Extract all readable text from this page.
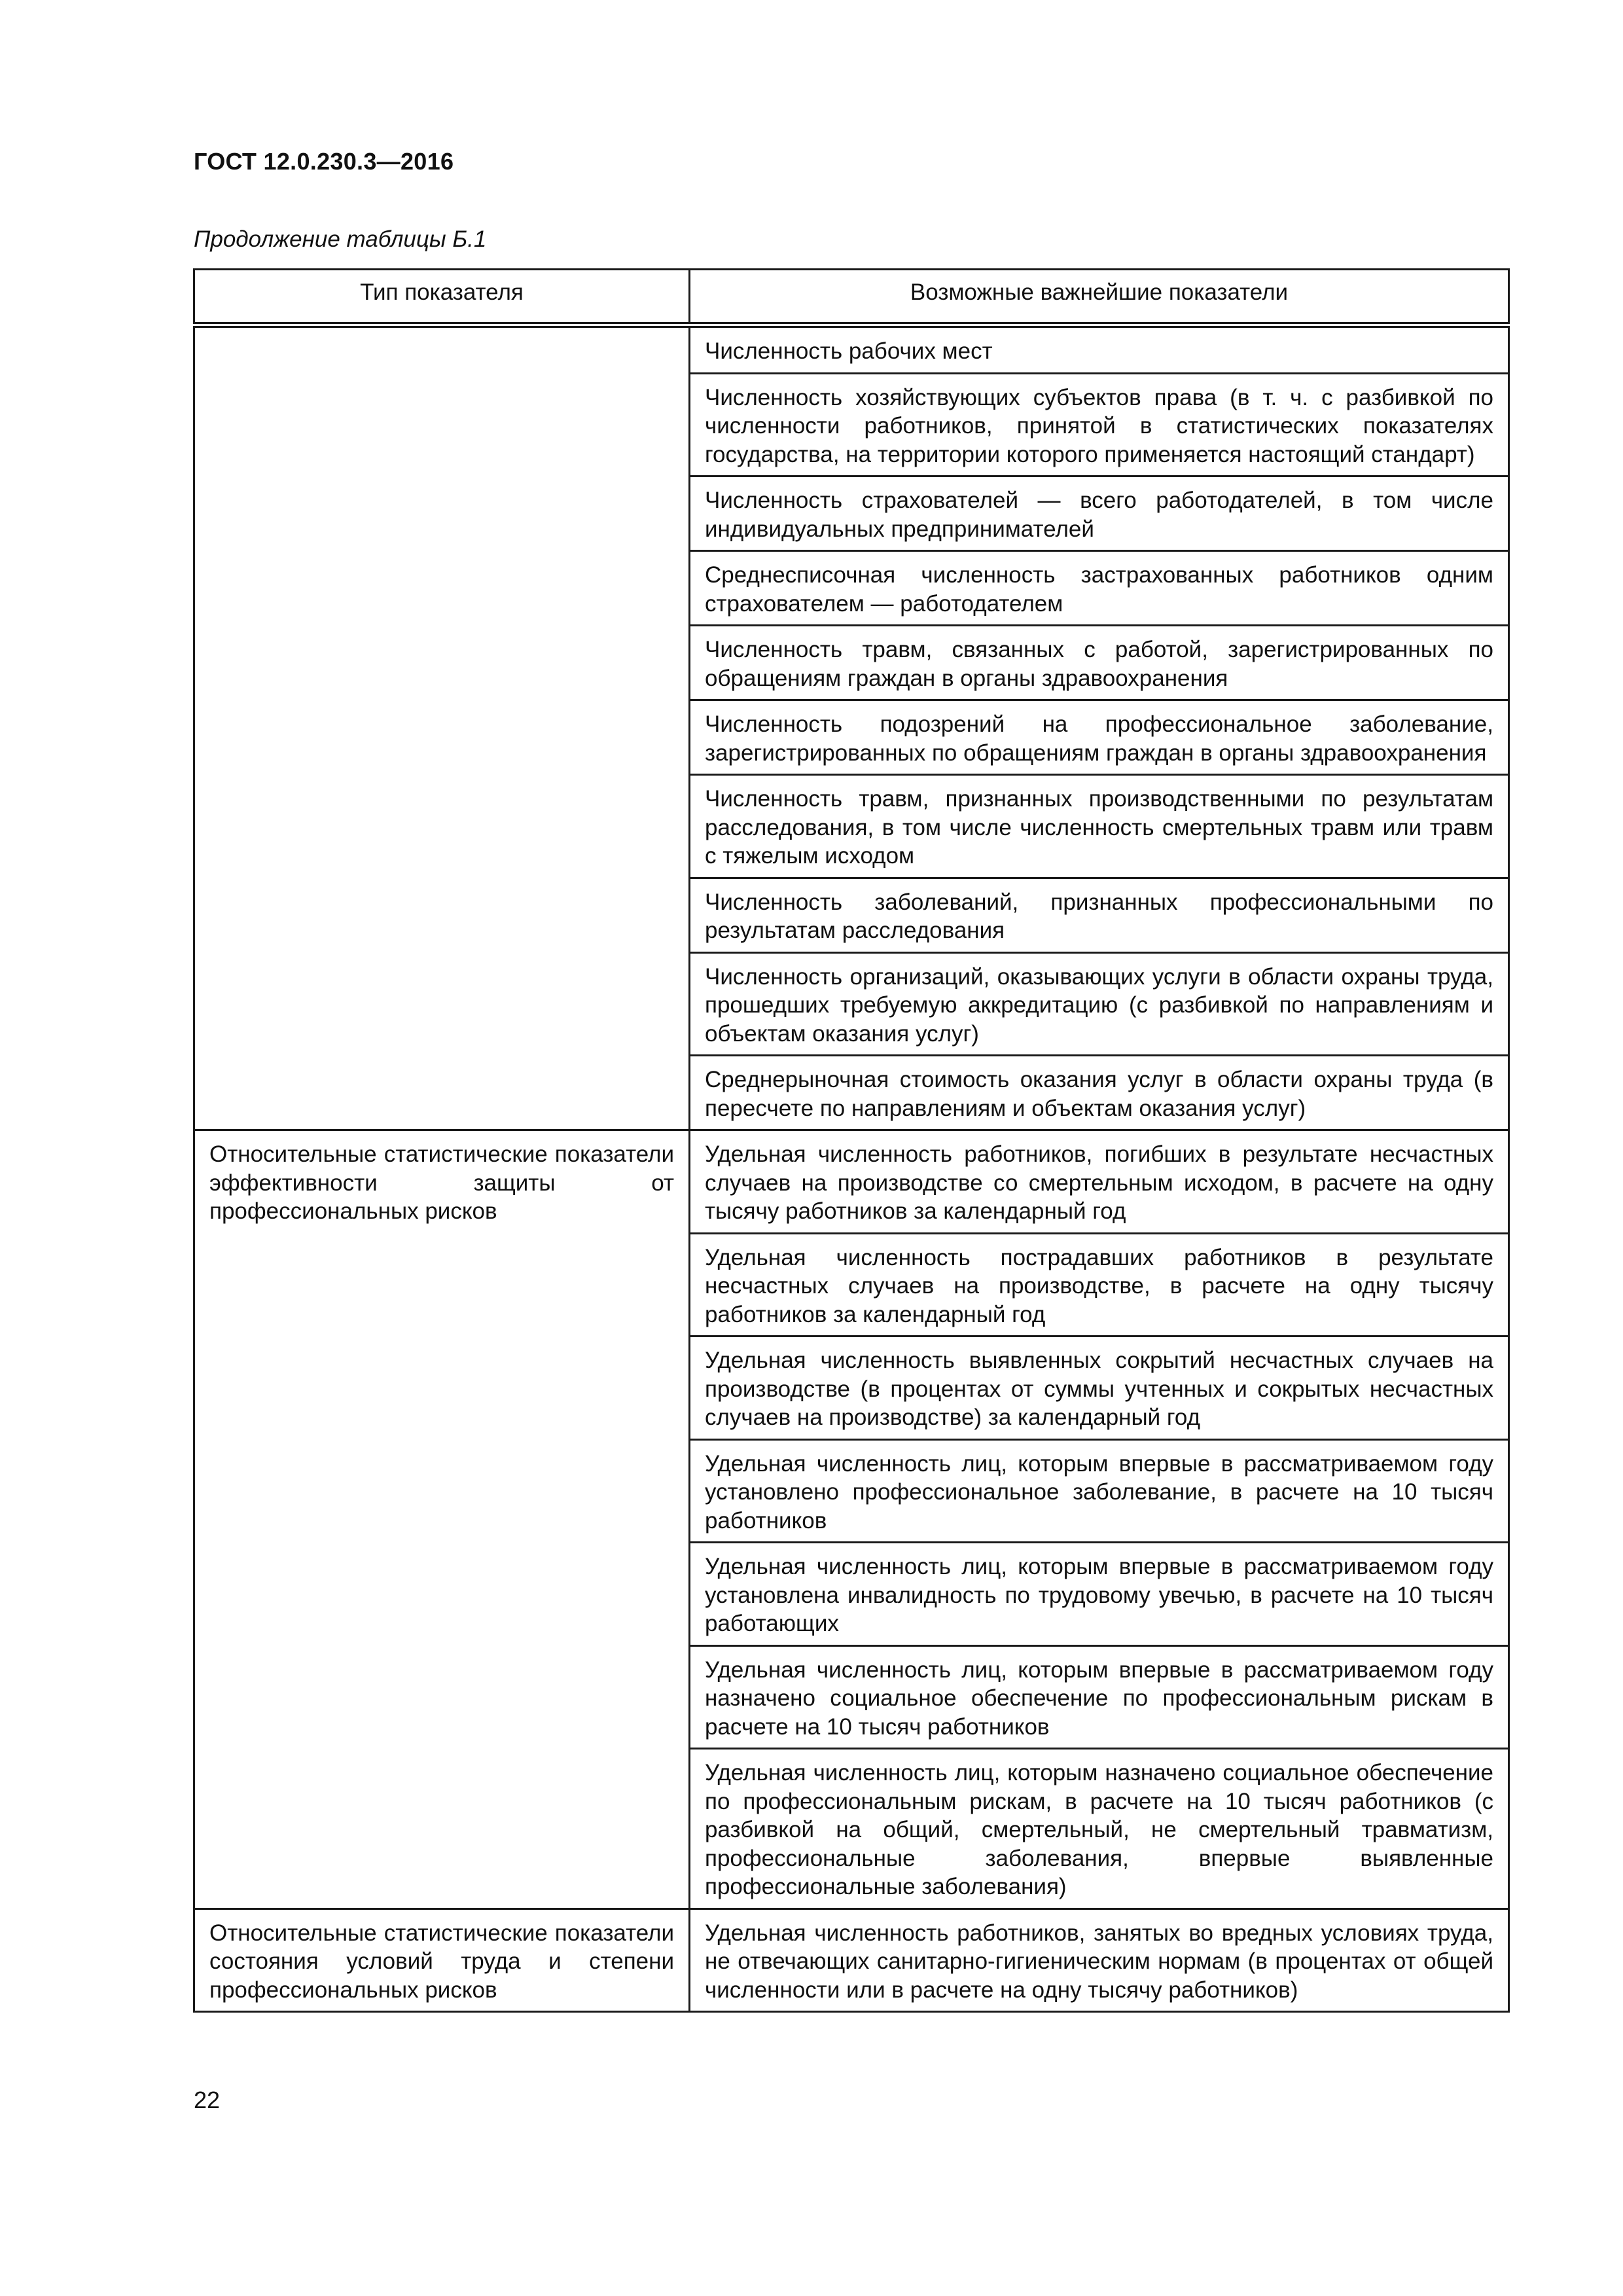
ГОСТ 12.0.230.3—2016
Продолжение таблицы Б.1
Тип показателя	Возможные важнейшие показатели
	Численность рабочих мест
	Численность хозяйствующих субъектов права (в т. ч. с разбивкой по численности работников, принятой в статистических показателях государства, на территории которого применяется настоящий стандарт)
	Численность страхователей — всего работодателей, в том числе индивидуальных предпринимателей
	Среднесписочная численность застрахованных работников одним страхователем — работодателем
	Численность травм, связанных с работой, зарегистрированных по обращениям граждан в органы здравоохранения
	Численность подозрений на профессиональное заболевание, зарегистрированных по обращениям граждан в органы здравоохранения
	Численность травм, признанных производственными по результатам расследования, в том числе численность смертельных травм или травм с тяжелым исходом
	Численность заболеваний, признанных профессиональными по результатам расследования
	Численность организаций, оказывающих услуги в области охраны труда, прошедших требуемую аккредитацию (с разбивкой по направлениям и объектам оказания услуг)
	Среднерыночная стоимость оказания услуг в области охраны труда (в пересчете по направлениям и объектам оказания услуг)
Относительные статистические показатели эффективности защиты от профессиональных рисков	Удельная численность работников, погибших в результате несчастных случаев на производстве со смертельным исходом, в расчете на одну тысячу работников за календарный год
	Удельная численность пострадавших работников в результате несчастных случаев на производстве, в расчете на одну тысячу работников за календарный год
	Удельная численность выявленных сокрытий несчастных случаев на производстве (в процентах от суммы учтенных и сокрытых несчастных случаев на производстве) за календарный год
	Удельная численность лиц, которым впервые в рассматриваемом году установлено профессиональное заболевание, в расчете на 10 тысяч работников
	Удельная численность лиц, которым впервые в рассматриваемом году установлена инвалидность по трудовому увечью, в расчете на 10 тысяч работающих
	Удельная численность лиц, которым впервые в рассматриваемом году назначено социальное обеспечение по профессиональным рискам в расчете на 10 тысяч работников
	Удельная численность лиц, которым назначено социальное обеспечение по профессиональным рискам, в расчете на 10 тысяч работников (с разбивкой на общий, смертельный, не смертельный травматизм, профессиональные заболевания, впервые выявленные профессиональные заболевания)
Относительные статистические показатели состояния условий труда и степени профессиональных рисков	Удельная численность работников, занятых во вредных условиях труда, не отвечающих санитарно-гигиеническим нормам (в процентах от общей численности или в расчете на одну тысячу работников)
22
